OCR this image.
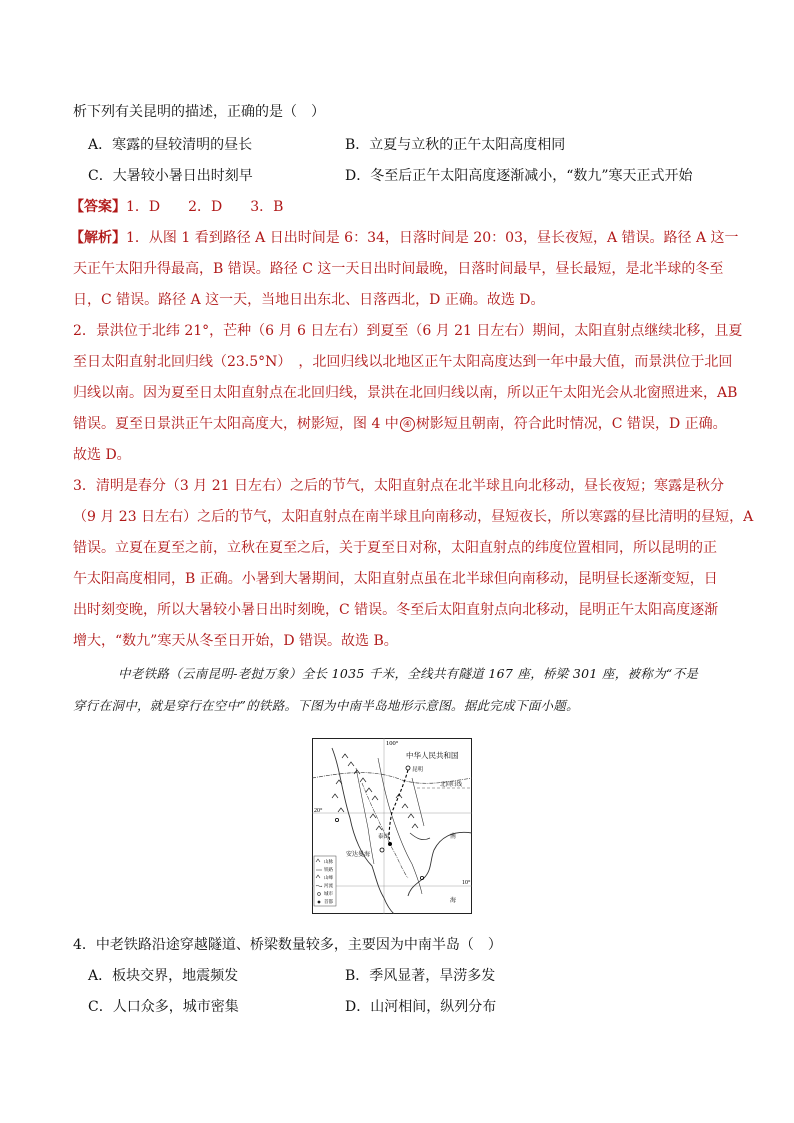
析下列有关昆明的描述，正确的是（　）
A．寒露的昼较清明的昼长	B．立夏与立秋的正午太阳高度相同
C．大暑较小暑日出时刻早	D．冬至后正午太阳高度逐渐减小，“数九”寒天正式开始
【答案】1．D　　2．D　　3．B
【解析】1．从图 1 看到路径 A 日出时间是 6：34，日落时间是 20：03，昼长夜短，A 错误。路径 A 这一
天正午太阳升得最高，B 错误。路径 C 这一天日出时间最晚，日落时间最早，昼长最短，是北半球的冬至
日，C 错误。路径 A 这一天，当地日出东北、日落西北，D 正确。故选 D。
2．景洪位于北纬 21°，芒种（6 月 6 日左右）到夏至（6 月 21 日左右）期间，太阳直射点继续北移，且夏
至日太阳直射北回归线（23.5°N）　，北回归线以北地区正午太阳高度达到一年中最大值，而景洪位于北回
归线以南。因为夏至日太阳直射点在北回归线，景洪在北回归线以南，所以正午太阳光会从北窗照进来，AB
错误。夏至日景洪正午太阳高度大，树影短，图 4 中 ④ 树影短且朝南，符合此时情况，C 错误，D 正确。
故选 D。
3．清明是春分（3 月 21 日左右）之后的节气，太阳直射点在北半球且向北移动，昼长夜短；寒露是秋分
（9 月 23 日左右）之后的节气，太阳直射点在南半球且向南移动，昼短夜长，所以寒露的昼比清明的昼短，A
错误。立夏在夏至之前，立秋在夏至之后，关于夏至日对称，太阳直射点的纬度位置相同，所以昆明的正
午太阳高度相同，B 正确。小暑到大暑期间，太阳直射点虽在北半球但向南移动，昆明昼长逐渐变短，日
出时刻变晚，所以大暑较小暑日出时刻晚，C 错误。冬至后太阳直射点向北移动，昆明正午太阳高度逐渐
增大，“数九”寒天从冬至日开始，D 错误。故选 B。
中老铁路（云南昆明-老挝万象）全长 1035 千米，全线共有隧道 167 座，桥梁 301 座，被称为“不是
穿行在洞中，就是穿行在空中”的铁路。下图为中南半岛地形示意图。据此完成下面小题。
100°
中华人民共和国
昆明
北回归线
20°
10°
安达曼海
南
海
泰国
山脉
铁路
山峰
河流
城市
首都
4．中老铁路沿途穿越隧道、桥梁数量较多，主要因为中南半岛（　）
A．板块交界，地震频发	B．季风显著，旱涝多发
C．人口众多，城市密集	D．山河相间，纵列分布
